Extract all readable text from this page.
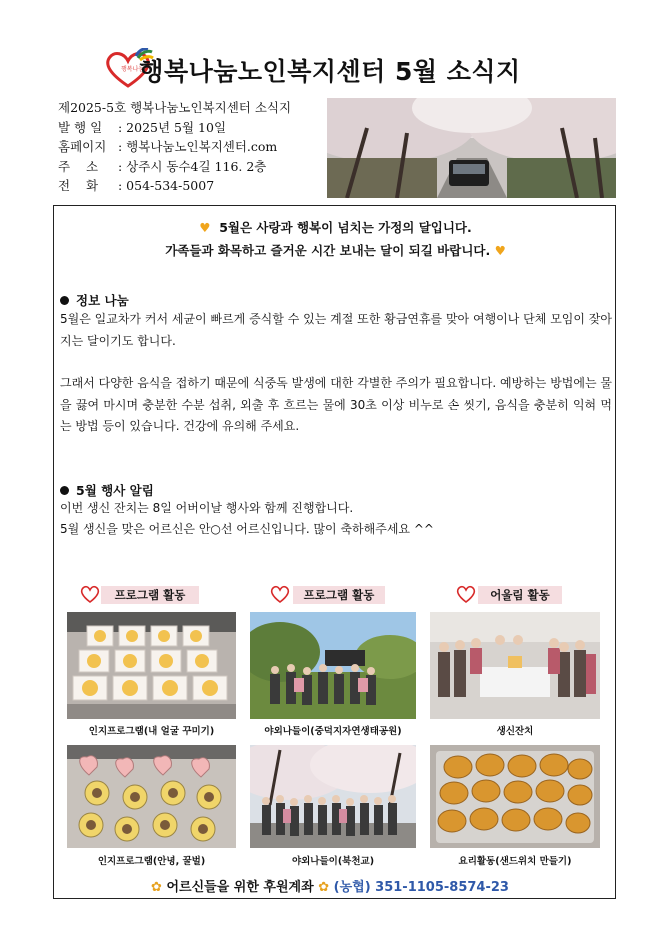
행복나눔
행복나눔노인복지센터 5월 소식지
제2025-5호 행복나눔노인복지센터 소식지
발 행 일 : 2025년 5월 10일
홈페이지 : 행복나눔노인복지센터.com
주    소 : 상주시 동수4길 116. 2층
전    화 : 054-534-5007
♥ 5월은 사랑과 행복이 넘치는 가정의 달입니다.
가족들과 화목하고 즐거운 시간 보내는 달이 되길 바랍니다. ♥
정보 나눔
5월은 일교차가 커서 세균이 빠르게 증식할 수 있는 계절 또한 황금연휴를 맞아 여행이나 단체 모임이 잦아지는 달이기도 합니다.
그래서 다양한 음식을 접하기 때문에 식중독 발생에 대한 각별한 주의가 필요합니다. 예방하는 방법에는 물을 끓여 마시며 충분한 수분 섭취, 외출 후 흐르는 물에 30초 이상 비누로 손 씻기, 음식을 충분히 익혀 먹는 방법 등이 있습니다. 건강에 유의해 주세요.
5월 행사 알림
이번 생신 잔치는 8일 어버이날 행사와 함께 진행합니다.
5월 생신을 맞은 어르신은 안○선 어르신입니다. 많이 축하해주세요 ^^
프로그램 활동	프로그램 활동	어울림 활동
인지프로그램(내 얼굴 꾸미기)	야외나들이(중덕지자연생태공원)	생신잔치
인지프로그램(안녕, 꿀벌)	야외나들이(북천교)	요리활동(샌드위치 만들기)
✿ 어르신들을 위한 후원계좌 ✿ (농협) 351-1105-8574-23
